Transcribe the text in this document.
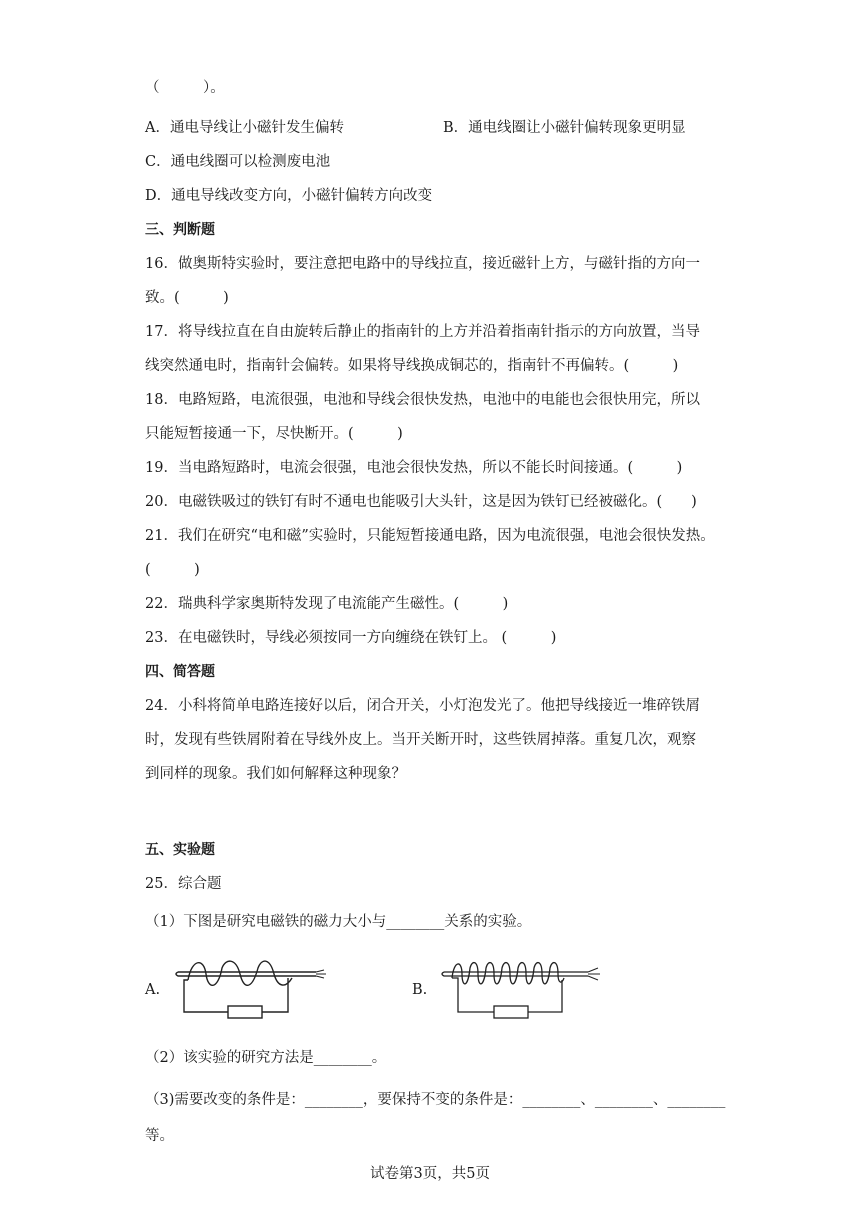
（　　　）。
A．通电导线让小磁针发生偏转	B．通电线圈让小磁针偏转现象更明显
C．通电线圈可以检测废电池
D．通电导线改变方向，小磁针偏转方向改变
三、判断题
16．做奥斯特实验时，要注意把电路中的导线拉直，接近磁针上方，与磁针指的方向一
致。(　　　)
17．将导线拉直在自由旋转后静止的指南针的上方并沿着指南针指示的方向放置，当导
线突然通电时，指南针会偏转。如果将导线换成铜芯的，指南针不再偏转。(　　　)
18．电路短路，电流很强，电池和导线会很快发热，电池中的电能也会很快用完，所以
只能短暂接通一下，尽快断开。(　　　)
19．当电路短路时，电流会很强，电池会很快发热，所以不能长时间接通。(　　　)
20．电磁铁吸过的铁钉有时不通电也能吸引大头针，这是因为铁钉已经被磁化。(　　)
21．我们在研究“电和磁”实验时，只能短暂接通电路，因为电流很强，电池会很快发热。
(　　　)
22．瑞典科学家奥斯特发现了电流能产生磁性。(　　　)
23．在电磁铁时，导线必须按同一方向缠绕在铁钉上。 (　　　)
四、简答题
24．小科将简单电路连接好以后，闭合开关，小灯泡发光了。他把导线接近一堆碎铁屑
时，发现有些铁屑附着在导线外皮上。当开关断开时，这些铁屑掉落。重复几次，观察
到同样的现象。我们如何解释这种现象？
五、实验题
25．综合题
（1）下图是研究电磁铁的磁力大小与________关系的实验。
A.	B.
（2）该实验的研究方法是________。
（3)需要改变的条件是：________，要保持不变的条件是：________、________、________
等。
试卷第3页，共5页
